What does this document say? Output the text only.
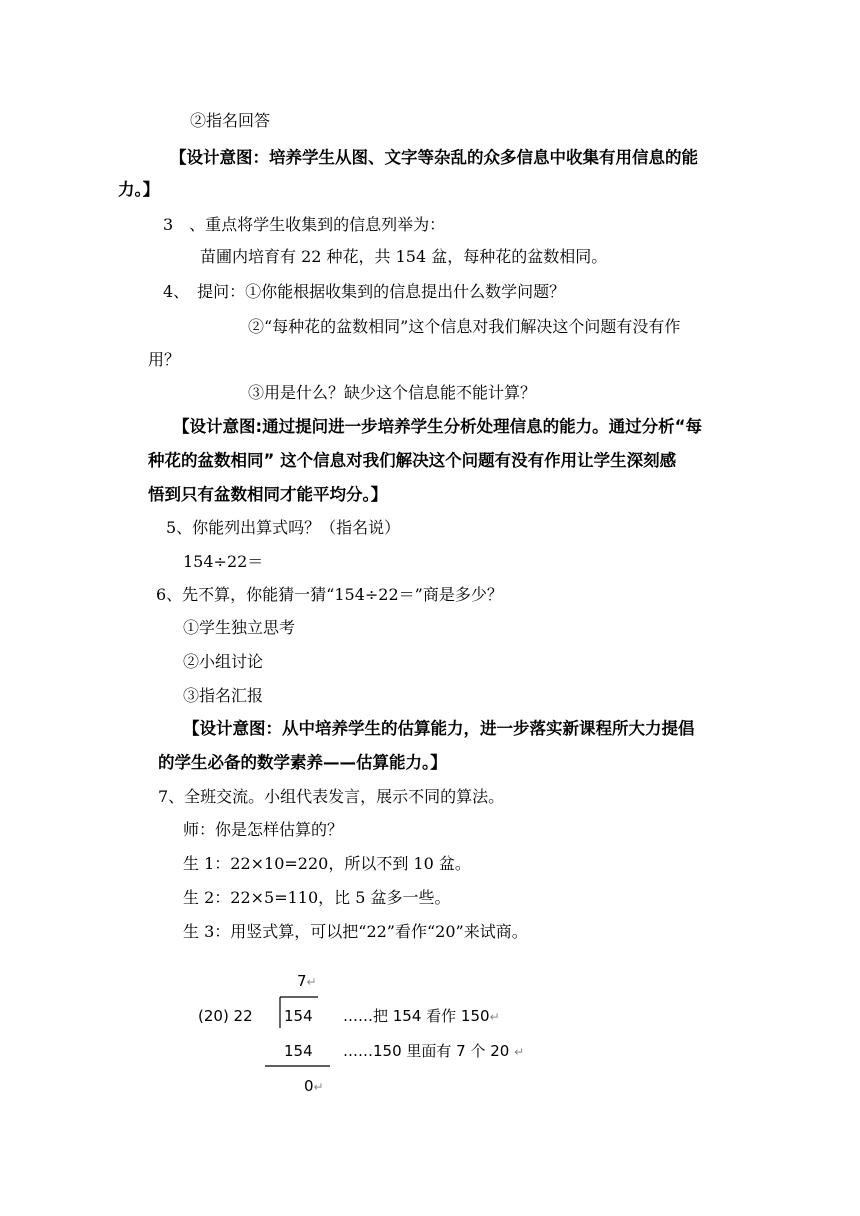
②指名回答
【设计意图：培养学生从图、文字等杂乱的众多信息中收集有用信息的能
力。】
3　、重点将学生收集到的信息列举为：
苗圃内培育有 22 种花，共 154 盆，每种花的盆数相同。
4、　提问：①你能根据收集到的信息提出什么数学问题？
②“每种花的盆数相同”这个信息对我们解决这个问题有没有作
用？
③用是什么？缺少这个信息能不能计算？
【设计意图:通过提问进一步培养学生分析处理信息的能力。通过分析“每
种花的盆数相同” 这个信息对我们解决这个问题有没有作用让学生深刻感
悟到只有盆数相同才能平均分。】
5、你能列出算式吗？（指名说）
154÷22＝
6、先不算，你能猜一猜“154÷22＝”商是多少？
①学生独立思考
②小组讨论
③指名汇报
【设计意图：从中培养学生的估算能力，进一步落实新课程所大力提倡
的学生必备的数学素养——估算能力。】
7、全班交流。小组代表发言，展示不同的算法。
师：你是怎样估算的？
生 1：22×10=220，所以不到 10 盆。
生 2：22×5=110，比 5 盆多一些。
生 3：用竖式算，可以把“22”看作“20”来试商。
7↵
(20) 22 154 ……把 154 看作 150↵
154 ……150 里面有 7 个 20 ↵
0↵
